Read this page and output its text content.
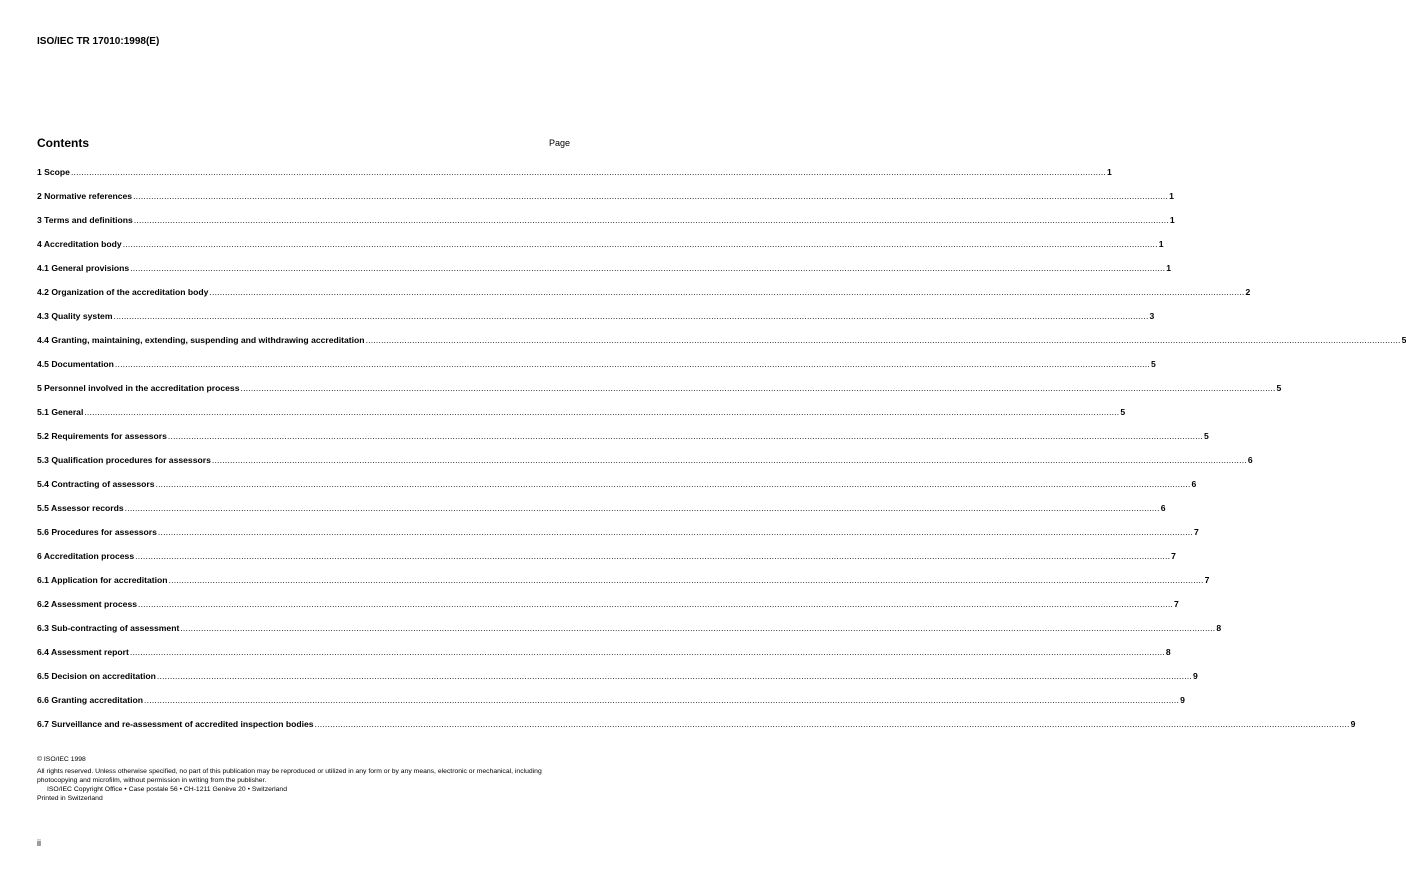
ISO/IEC TR 17010:1998(E)
Contents	Page
1 Scope ................................................................................................................................................................................................................................................................................................................................................................................................................ 1
2 Normative references ................................................................................................................................................................................................................................................................................................................................................................................................................ 1
3 Terms and definitions ................................................................................................................................................................................................................................................................................................................................................................................................................ 1
4 Accreditation body ................................................................................................................................................................................................................................................................................................................................................................................................................ 1
4.1 General provisions ................................................................................................................................................................................................................................................................................................................................................................................................................ 1
4.2 Organization of the accreditation body ................................................................................................................................................................................................................................................................................................................................................................................................................ 2
4.3 Quality system ................................................................................................................................................................................................................................................................................................................................................................................................................ 3
4.4 Granting, maintaining, extending, suspending and withdrawing accreditation ................................................................................................................................................................................................................................................................................................................................................................................................................ 5
4.5 Documentation ................................................................................................................................................................................................................................................................................................................................................................................................................ 5
5 Personnel involved in the accreditation process ................................................................................................................................................................................................................................................................................................................................................................................................................ 5
5.1 General ................................................................................................................................................................................................................................................................................................................................................................................................................ 5
5.2 Requirements for assessors ................................................................................................................................................................................................................................................................................................................................................................................................................ 5
5.3 Qualification procedures for assessors ................................................................................................................................................................................................................................................................................................................................................................................................................ 6
5.4 Contracting of assessors ................................................................................................................................................................................................................................................................................................................................................................................................................ 6
5.5 Assessor records ................................................................................................................................................................................................................................................................................................................................................................................................................ 6
5.6 Procedures for assessors ................................................................................................................................................................................................................................................................................................................................................................................................................ 7
6 Accreditation process ................................................................................................................................................................................................................................................................................................................................................................................................................ 7
6.1 Application for accreditation ................................................................................................................................................................................................................................................................................................................................................................................................................ 7
6.2 Assessment process ................................................................................................................................................................................................................................................................................................................................................................................................................ 7
6.3 Sub-contracting of assessment ................................................................................................................................................................................................................................................................................................................................................................................................................ 8
6.4 Assessment report ................................................................................................................................................................................................................................................................................................................................................................................................................ 8
6.5 Decision on accreditation ................................................................................................................................................................................................................................................................................................................................................................................................................ 9
6.6 Granting accreditation ................................................................................................................................................................................................................................................................................................................................................................................................................ 9
6.7 Surveillance and re-assessment of accredited inspection bodies ................................................................................................................................................................................................................................................................................................................................................................................................................ 9
© ISO/IEC 1998
All rights reserved. Unless otherwise specified, no part of this publication may be reproduced or utilized in any form or by any means, electronic or mechanical, including photocopying and microfilm, without permission in writing from the publisher.
ISO/IEC Copyright Office • Case postale 56 • CH-1211 Genève 20 • Switzerland
Printed in Switzerland
ii
